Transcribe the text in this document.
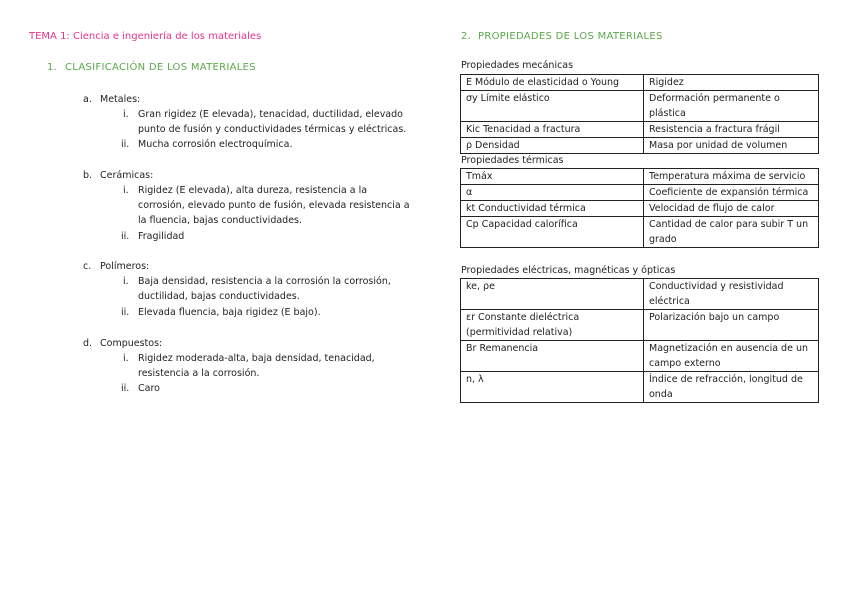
TEMA 1: Ciencia e ingeniería de los materiales
1. CLASIFICACIÓN DE LOS MATERIALES
a. Metales:
i. Gran rigidez (E elevada), tenacidad, ductilidad, elevado
punto de fusión y conductividades térmicas y eléctricas.
ii. Mucha corrosión electroquímica.
b. Cerámicas:
i. Rigidez (E elevada), alta dureza, resistencia a la
corrosión, elevado punto de fusión, elevada resistencia a
la fluencia, bajas conductividades.
ii. Fragilidad
c. Polímeros:
i. Baja densidad, resistencia a la corrosión la corrosión,
ductilidad, bajas conductividades.
ii. Elevada fluencia, baja rigidez (E bajo).
d. Compuestos:
i. Rigidez moderada-alta, baja densidad, tenacidad,
resistencia a la corrosión.
ii. Caro
2. PROPIEDADES DE LOS MATERIALES
Propiedades mecánicas
E Módulo de elasticidad o Young	Rigidez
σy Límite elástico	Deformación permanente o plástica
Kic Tenacidad a fractura	Resistencia a fractura frágil
ρ Densidad	Masa por unidad de volumen
Propiedades térmicas
Tmáx	Temperatura máxima de servicio
α	Coeficiente de expansión térmica
kt Conductividad térmica	Velocidad de flujo de calor
Cp Capacidad calorífica	Cantidad de calor para subir T un grado
Propiedades eléctricas, magnéticas y ópticas
ke, ρe	Conductividad y resistividad eléctrica
εr Constante dieléctrica (permitividad relativa)	Polarización bajo un campo
Br Remanencia	Magnetización en ausencia de un campo externo
n, λ	Índice de refracción, longitud de onda
